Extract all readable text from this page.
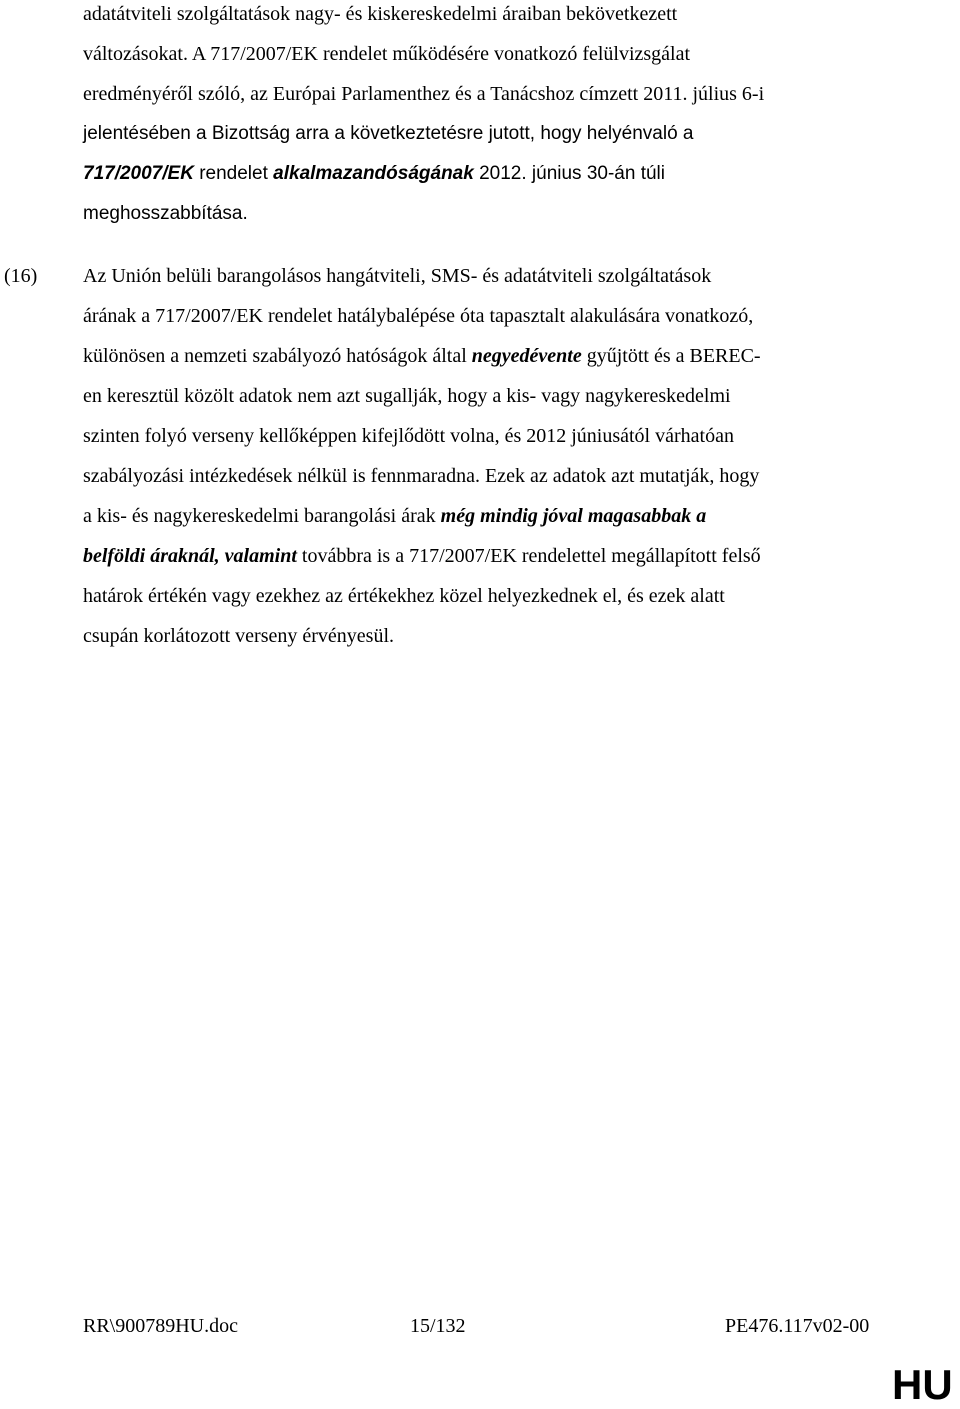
adatátviteli szolgáltatások nagy- és kiskereskedelmi áraiban bekövetkezett
változásokat. A 717/2007/EK rendelet működésére vonatkozó felülvizsgálat
eredményéről szóló, az Európai Parlamenthez és a Tanácshoz címzett 2011. július 6-i
jelentésében a Bizottság arra a következtetésre jutott, hogy helyénvaló a
717/2007/EK rendelet alkalmazandóságának 2012. június 30-án túli
meghosszabbítása.
(16) Az Unión belüli barangolásos hangátviteli, SMS- és adatátviteli szolgáltatások
árának a 717/2007/EK rendelet hatálybalépése óta tapasztalt alakulására vonatkozó,
különösen a nemzeti szabályozó hatóságok által negyedévente gyűjtött és a BEREC-
en keresztül közölt adatok nem azt sugallják, hogy a kis- vagy nagykereskedelmi
szinten folyó verseny kellőképpen kifejlődött volna, és 2012 júniusától várhatóan
szabályozási intézkedések nélkül is fennmaradna. Ezek az adatok azt mutatják, hogy
a kis- és nagykereskedelmi barangolási árak még mindig jóval magasabbak a
belföldi áraknál, valamint továbbra is a 717/2007/EK rendelettel megállapított felső
határok értékén vagy ezekhez az értékekhez közel helyezkednek el, és ezek alatt
csupán korlátozott verseny érvényesül.
RR\900789HU.doc	15/132	PE476.117v02-00
HU
